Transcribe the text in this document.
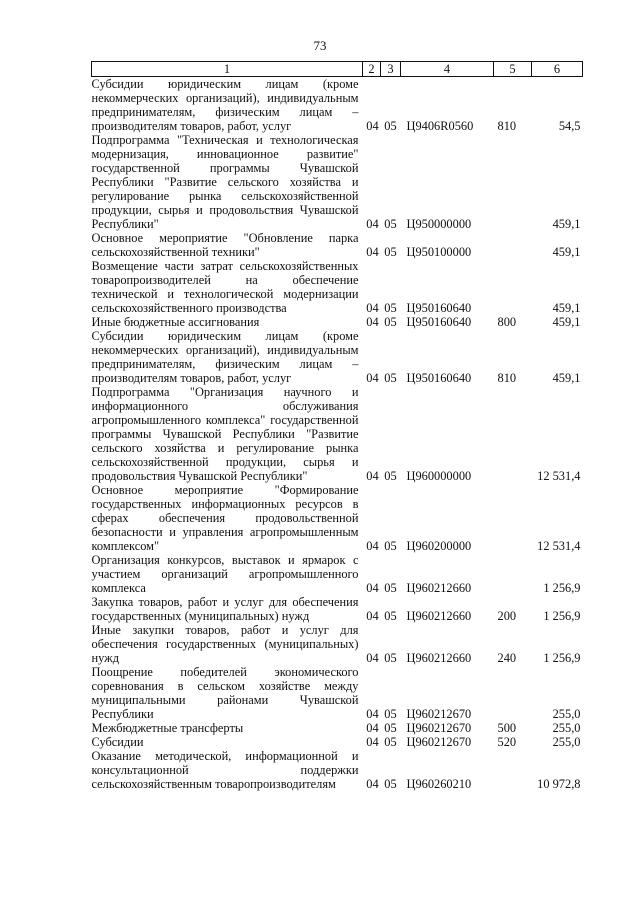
73
1	2	3	4	5	6
Субсидии юридическим лицам (кроме некоммерческих организаций), индивидуальным предпринимателям, физическим лицам – производителям товаров, работ, услуг	04	05	Ц9406R0560	810	54,5
Подпрограмма "Техническая и технологическая модернизация, инновационное развитие" государственной программы Чувашской Республики "Развитие сельского хозяйства и регулирование рынка сельскохозяйственной продукции, сырья и продовольствия Чувашской Республики"	04	05	Ц950000000		459,1
Основное мероприятие "Обновление парка сельскохозяйственной техники"	04	05	Ц950100000		459,1
Возмещение части затрат сельскохозяйственных товаропроизводителей на обеспечение технической и технологической модернизации сельскохозяйственного производства	04	05	Ц950160640		459,1
Иные бюджетные ассигнования	04	05	Ц950160640	800	459,1
Субсидии юридическим лицам (кроме некоммерческих организаций), индивидуальным предпринимателям, физическим лицам – производителям товаров, работ, услуг	04	05	Ц950160640	810	459,1
Подпрограмма "Организация научного и информационного обслуживания агропромышленного комплекса" государственной программы Чувашской Республики "Развитие сельского хозяйства и регулирование рынка сельскохозяйственной продукции, сырья и продовольствия Чувашской Республики"	04	05	Ц960000000		12 531,4
Основное мероприятие "Формирование государственных информационных ресурсов в сферах обеспечения продовольственной безопасности и управления агропромышленным комплексом"	04	05	Ц960200000		12 531,4
Организация конкурсов, выставок и ярмарок с участием организаций агропромышленного комплекса	04	05	Ц960212660		1 256,9
Закупка товаров, работ и услуг для обеспечения государственных (муниципальных) нужд	04	05	Ц960212660	200	1 256,9
Иные закупки товаров, работ и услуг для обеспечения государственных (муниципальных) нужд	04	05	Ц960212660	240	1 256,9
Поощрение победителей экономического соревнования в сельском хозяйстве между муниципальными районами Чувашской Республики	04	05	Ц960212670		255,0
Межбюджетные трансферты	04	05	Ц960212670	500	255,0
Субсидии	04	05	Ц960212670	520	255,0
Оказание методической, информационной и консультационной поддержки сельскохозяйственным товаропроизводителям	04	05	Ц960260210		10 972,8
